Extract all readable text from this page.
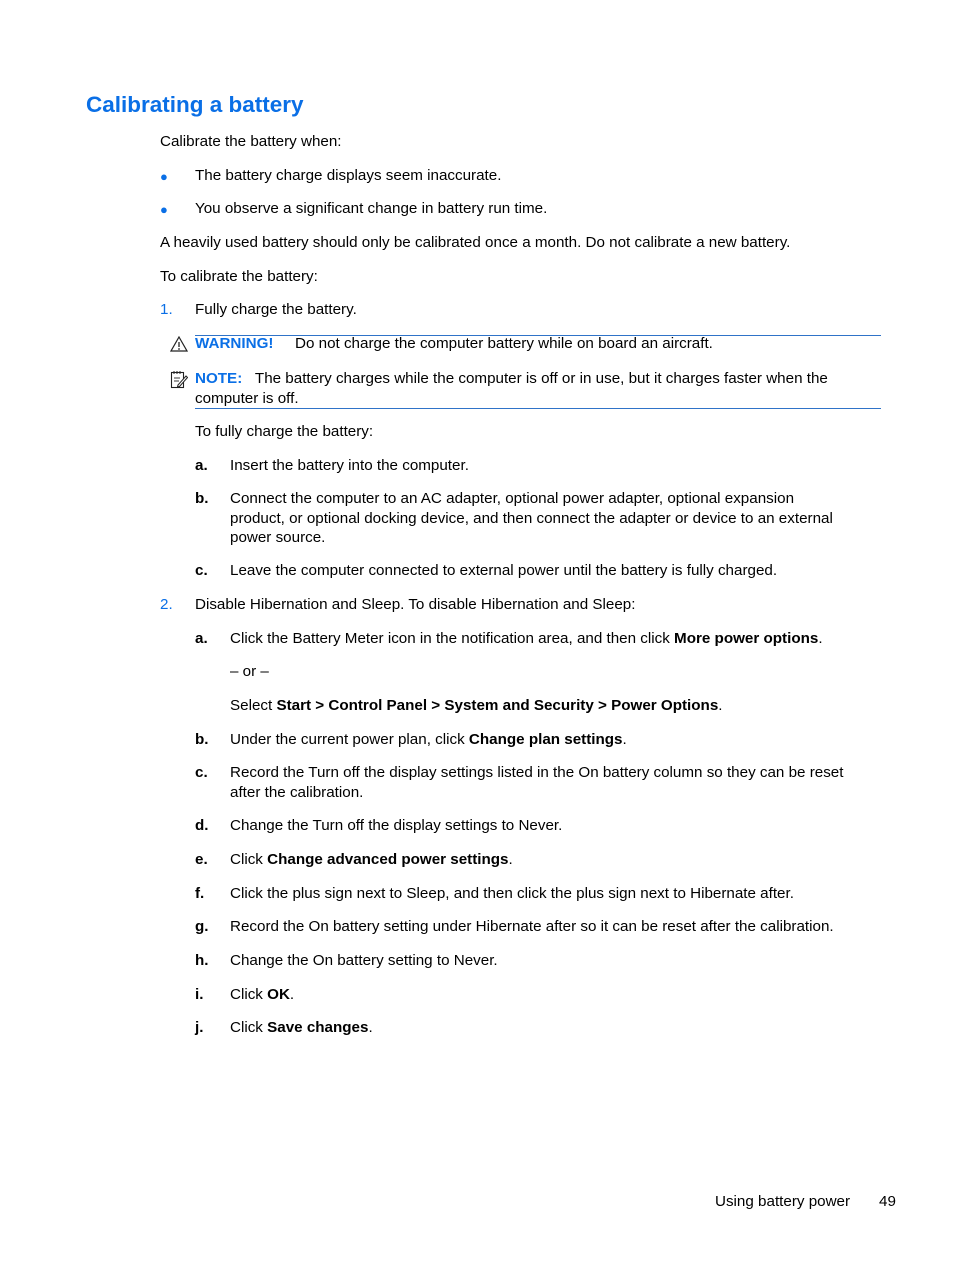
Calibrating a battery
Calibrate the battery when:
● The battery charge displays seem inaccurate.
● You observe a significant change in battery run time.
A heavily used battery should only be calibrated once a month. Do not calibrate a new battery.
To calibrate the battery:
1. Fully charge the battery.
WARNING! Do not charge the computer battery while on board an aircraft.
NOTE: The battery charges while the computer is off or in use, but it charges faster when the
computer is off.
To fully charge the battery:
a. Insert the battery into the computer.
b. Connect the computer to an AC adapter, optional power adapter, optional expansion
product, or optional docking device, and then connect the adapter or device to an external
power source.
c. Leave the computer connected to external power until the battery is fully charged.
2. Disable Hibernation and Sleep. To disable Hibernation and Sleep:
a. Click the Battery Meter icon in the notification area, and then click More power options.
– or –
Select Start > Control Panel > System and Security > Power Options.
b. Under the current power plan, click Change plan settings.
c. Record the Turn off the display settings listed in the On battery column so they can be reset
after the calibration.
d. Change the Turn off the display settings to Never.
e. Click Change advanced power settings.
f. Click the plus sign next to Sleep, and then click the plus sign next to Hibernate after.
g. Record the On battery setting under Hibernate after so it can be reset after the calibration.
h. Change the On battery setting to Never.
i. Click OK.
j. Click Save changes.
Using battery power 49
